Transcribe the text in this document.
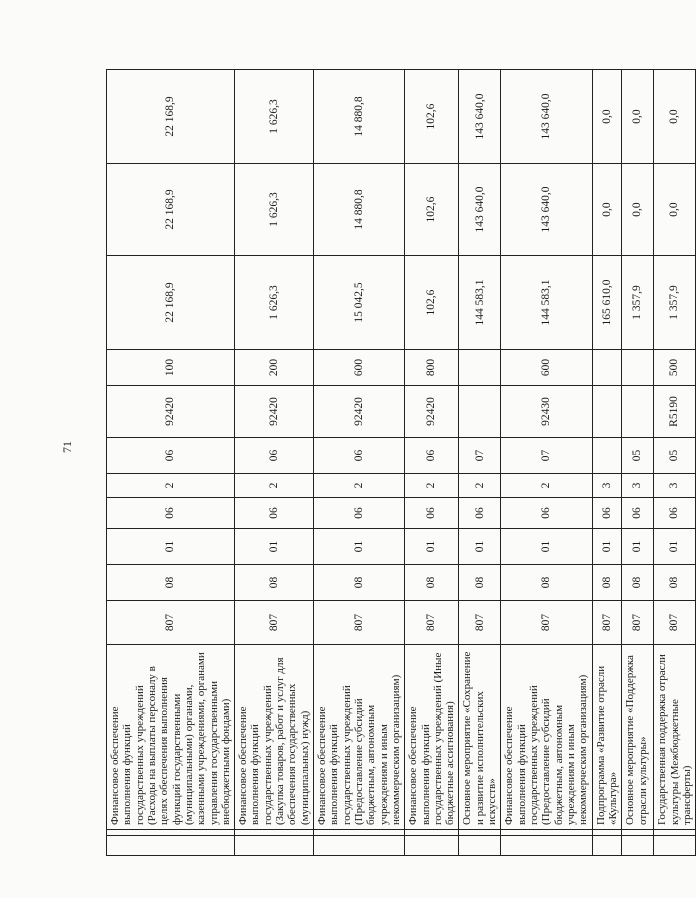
71
		Финансовое обеспечение выполнения функций государственных учреждений (Расходы на выплаты персоналу в целях обеспечения выполнения функций государственными (муниципальными) органами, казенными учреждениями, органами управления государственными внебюджетными фондами)	807	08	01	06	2	06	92420	100	22 168,9	22 168,9	22 168,9
		Финансовое обеспечение выполнения функций государственных учреждений (Закупка товаров, работ и услуг для обеспечения государственных (муниципальных) нужд)	807	08	01	06	2	06	92420	200	1 626,3	1 626,3	1 626,3
		Финансовое обеспечение выполнения функций государственных учреждений (Предоставление субсидий бюджетным, автономным учреждениям и иным некоммерческим организациям)	807	08	01	06	2	06	92420	600	15 042,5	14 880,8	14 880,8
		Финансовое обеспечение выполнения функций государственных учреждений (Иные бюджетные ассигнования)	807	08	01	06	2	06	92420	800	102,6	102,6	102,6
		Основное мероприятие «Сохранение и развитие исполнительских искусств»	807	08	01	06	2	07			144 583,1	143 640,0	143 640,0
		Финансовое обеспечение выполнения функций государственных учреждений (Предоставление субсидий бюджетным, автономным учреждениям и иным некоммерческим организациям)	807	08	01	06	2	07	92430	600	144 583,1	143 640,0	143 640,0
		Подпрограмма «Развитие отрасли «Культура»	807	08	01	06	3				165 610,0	0,0	0,0
		Основное мероприятие «Поддержка отрасли культуры»	807	08	01	06	3	05			1 357,9	0,0	0,0
		Государственная поддержка отрасли культуры (Межбюджетные трансферты)	807	08	01	06	3	05	R5190	500	1 357,9	0,0	0,0
